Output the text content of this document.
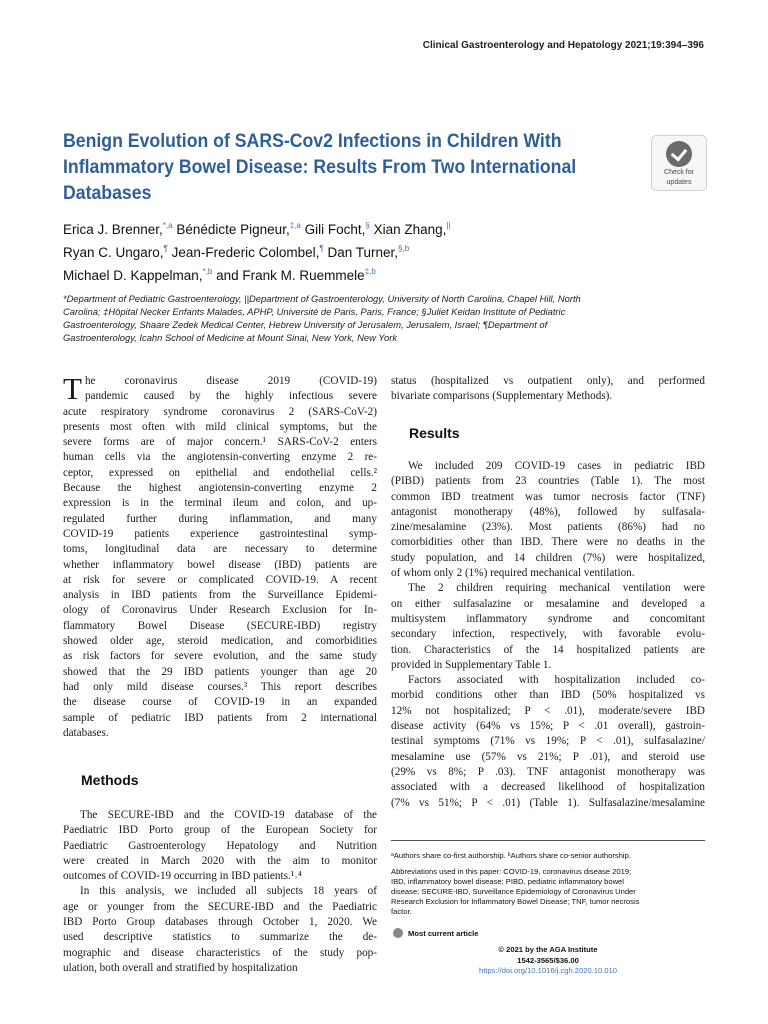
Clinical Gastroenterology and Hepatology 2021;19:394–396
Benign Evolution of SARS-Cov2 Infections in Children With
Inflammatory Bowel Disease: Results From Two International
Databases
Check for
updates
Erica J. Brenner,$^{*,a}$ Bénédicte Pigneur,$^{\ddagger,a}$ Gili Focht,§ Xian Zhang,||
Ryan C. Ungaro,¶ Jean-Frederic Colombel,¶ Dan Turner,$^{\S,b}$
Michael D. Kappelman,$^{*,b}$ and Frank M. Ruemmele$^{\ddagger,b}$
*Department of Pediatric Gastroenterology, ||Department of Gastroenterology, University of North Carolina, Chapel Hill, North
Carolina; ‡Hôpital Necker Enfants Malades, APHP, Université de Paris, Paris, France; §Juliet Keidan Institute of Pediatric
Gastroenterology, Shaare Zedek Medical Center, Hebrew University of Jerusalem, Jerusalem, Israel; ¶Department of
Gastroenterology, Icahn School of Medicine at Mount Sinai, New York, New York
T he coronavirus disease 2019 (COVID-19)
pandemic caused by the highly infectious severe
acute respiratory syndrome coronavirus 2 (SARS-CoV-2)
presents most often with mild clinical symptoms, but the
severe forms are of major concern.¹ SARS-CoV-2 enters
human cells via the angiotensin-converting enzyme 2 re-
ceptor, expressed on epithelial and endothelial cells.²
Because the highest angiotensin-converting enzyme 2
expression is in the terminal ileum and colon, and up-
regulated further during inflammation, and many
COVID-19 patients experience gastrointestinal symp-
toms, longitudinal data are necessary to determine
whether inflammatory bowel disease (IBD) patients are
at risk for severe or complicated COVID-19. A recent
analysis in IBD patients from the Surveillance Epidemi-
ology of Coronavirus Under Research Exclusion for In-
flammatory Bowel Disease (SECURE-IBD) registry
showed older age, steroid medication, and comorbidities
as risk factors for severe evolution, and the same study
showed that the 29 IBD patients younger than age 20
had only mild disease courses.³ This report describes
the disease course of COVID-19 in an expanded
sample of pediatric IBD patients from 2 international
databases.
Methods
The SECURE-IBD and the COVID-19 database of the
Paediatric IBD Porto group of the European Society for
Paediatric Gastroenterology Hepatology and Nutrition
were created in March 2020 with the aim to monitor
outcomes of COVID-19 occurring in IBD patients.¹˒⁴
In this analysis, we included all subjects 18 years of
age or younger from the SECURE-IBD and the Paediatric
IBD Porto Group databases through October 1, 2020. We
used descriptive statistics to summarize the de-
mographic and disease characteristics of the study pop-
ulation, both overall and stratified by hospitalization
status (hospitalized vs outpatient only), and performed
bivariate comparisons (Supplementary Methods).
Results
We included 209 COVID-19 cases in pediatric IBD
(PIBD) patients from 23 countries (Table 1). The most
common IBD treatment was tumor necrosis factor (TNF)
antagonist monotherapy (48%), followed by sulfasala-
zine/mesalamine (23%). Most patients (86%) had no
comorbidities other than IBD. There were no deaths in the
study population, and 14 children (7%) were hospitalized,
of whom only 2 (1%) required mechanical ventilation.
The 2 children requiring mechanical ventilation were
on either sulfasalazine or mesalamine and developed a
multisystem inflammatory syndrome and concomitant
secondary infection, respectively, with favorable evolu-
tion. Characteristics of the 14 hospitalized patients are
provided in Supplementary Table 1.
Factors associated with hospitalization included co-
morbid conditions other than IBD (50% hospitalized vs
12% not hospitalized; P < .01), moderate/severe IBD
disease activity (64% vs 15%; P < .01 overall), gastroin-
testinal symptoms (71% vs 19%; P < .01), sulfasalazine/
mesalamine use (57% vs 21%; P .01), and steroid use
(29% vs 8%; P .03). TNF antagonist monotherapy was
associated with a decreased likelihood of hospitalization
(7% vs 51%; P < .01) (Table 1). Sulfasalazine/mesalamine
ᵃAuthors share co-first authorship. ᵇAuthors share co-senior authorship.
Abbreviations used in this paper: COVID-19, coronavirus disease 2019;
IBD, inflammatory bowel disease; PIBD, pediatric inflammatory bowel
disease; SECURE-IBD, Surveillance Epidemiology of Coronavirus Under
Research Exclusion for Inflammatory Bowel Disease; TNF, tumor necrosis
factor.
Most current article
© 2021 by the AGA Institute
1542-3565/$36.00
https://doi.org/10.1016/j.cgh.2020.10.010
